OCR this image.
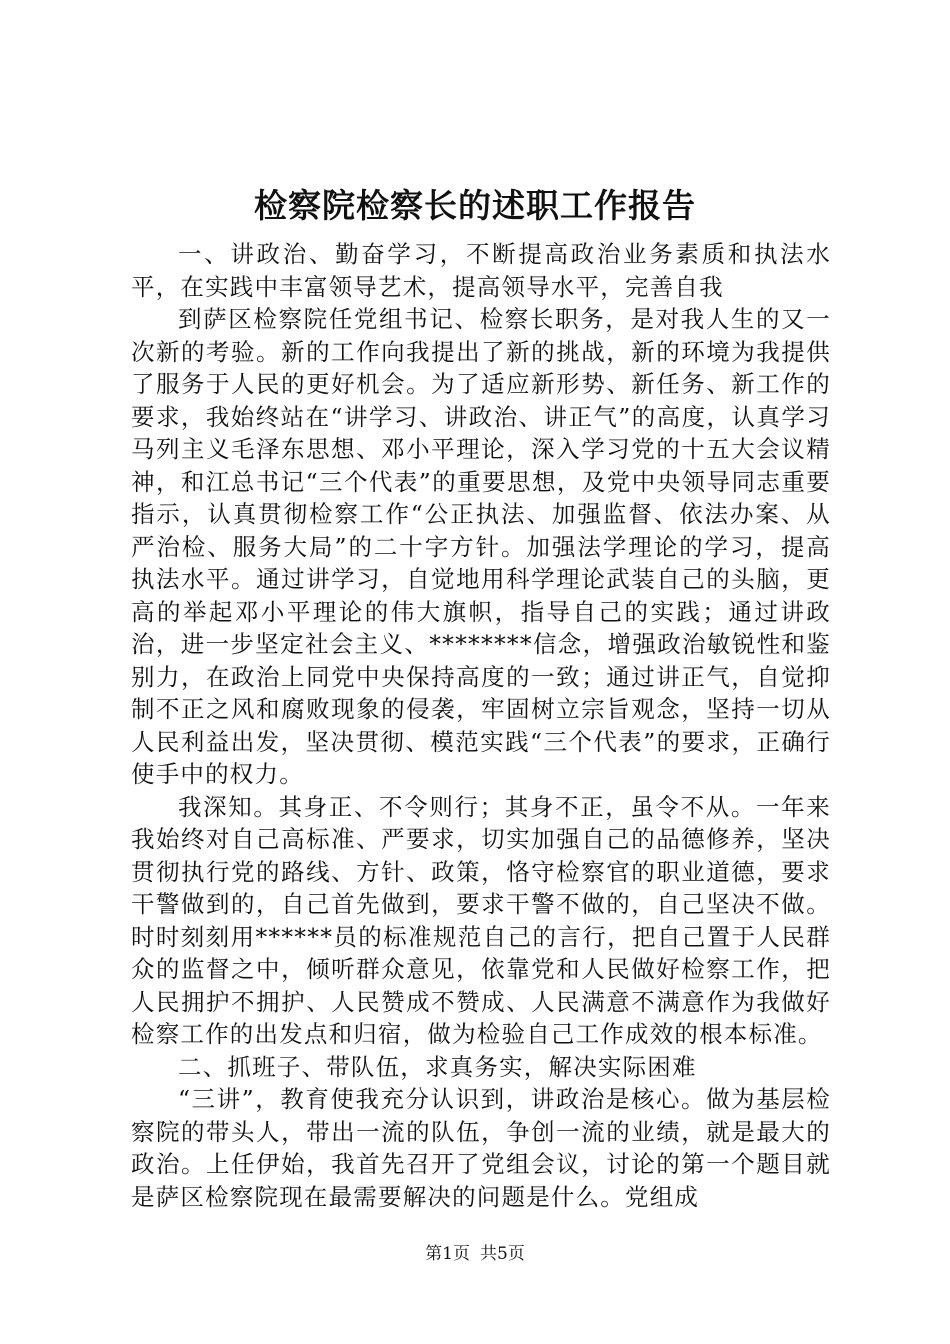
检察院检察长的述职工作报告

一、讲政治、勤奋学习，不断提高政治业务素质和执法水平，在实践中丰富领导艺术，提高领导水平，完善自我

到萨区检察院任党组书记、检察长职务，是对我人生的又一次新的考验。新的工作向我提出了新的挑战，新的环境为我提供了服务于人民的更好机会。为了适应新形势、新任务、新工作的要求，我始终站在“讲学习、讲政治、讲正气”的高度，认真学习马列主义毛泽东思想、邓小平理论，深入学习党的十五大会议精神，和江总书记“三个代表”的重要思想，及党中央领导同志重要指示，认真贯彻检察工作“公正执法、加强监督、依法办案、从严治检、服务大局”的二十字方针。加强法学理论的学习，提高执法水平。通过讲学习，自觉地用科学理论武装自己的头脑，更高的举起邓小平理论的伟大旗帜，指导自己的实践；通过讲政治，进一步坚定社会主义、********信念，增强政治敏锐性和鉴别力，在政治上同党中央保持高度的一致；通过讲正气，自觉抑制不正之风和腐败现象的侵袭，牢固树立宗旨观念，坚持一切从人民利益出发，坚决贯彻、模范实践“三个代表”的要求，正确行使手中的权力。

我深知。其身正、不令则行；其身不正，虽令不从。一年来我始终对自己高标准、严要求，切实加强自己的品德修养，坚决贯彻执行党的路线、方针、政策，恪守检察官的职业道德，要求干警做到的，自己首先做到，要求干警不做的，自己坚决不做。时时刻刻用******员的标准规范自己的言行，把自己置于人民群众的监督之中，倾听群众意见，依靠党和人民做好检察工作，把人民拥护不拥护、人民赞成不赞成、人民满意不满意作为我做好检察工作的出发点和归宿，做为检验自己工作成效的根本标准。

二、抓班子、带队伍，求真务实，解决实际困难

“三讲”，教育使我充分认识到，讲政治是核心。做为基层检察院的带头人，带出一流的队伍，争创一流的业绩，就是最大的政治。上任伊始，我首先召开了党组会议，讨论的第一个题目就是萨区检察院现在最需要解决的问题是什么。党组成

第1页 共5页
